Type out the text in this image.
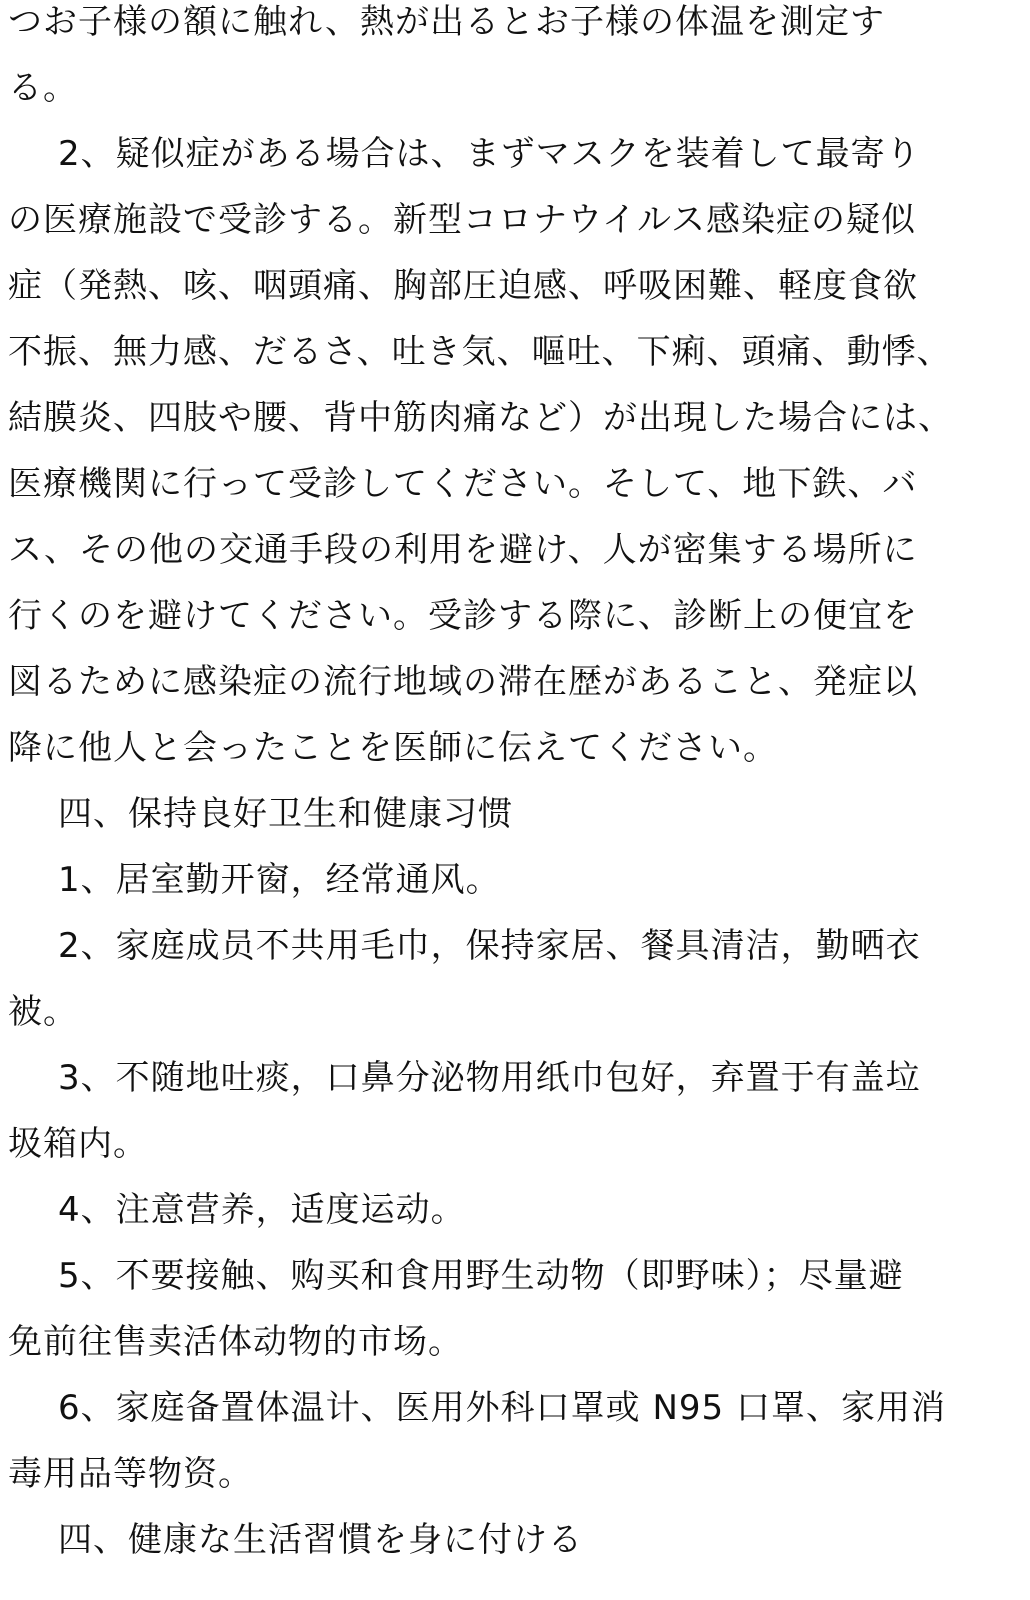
つお子様の額に触れ、熱が出るとお子様の体温を測定す
る。
2、疑似症がある場合は、まずマスクを装着して最寄り
の医療施設で受診する。新型コロナウイルス感染症の疑似
症（発熱、咳、咽頭痛、胸部圧迫感、呼吸困難、軽度食欲
不振、無力感、だるさ、吐き気、嘔吐、下痢、頭痛、動悸、
結膜炎、四肢や腰、背中筋肉痛など）が出現した場合には、
医療機関に行って受診してください。そして、地下鉄、バ
ス、その他の交通手段の利用を避け、人が密集する場所に
行くのを避けてください。受診する際に、診断上の便宜を
図るために感染症の流行地域の滞在歴があること、発症以
降に他人と会ったことを医師に伝えてください。
四、保持良好卫生和健康习惯
1、居室勤开窗，经常通风。
2、家庭成员不共用毛巾，保持家居、餐具清洁，勤晒衣
被。
3、不随地吐痰，口鼻分泌物用纸巾包好，弃置于有盖垃
圾箱内。
4、注意营养，适度运动。
5、不要接触、购买和食用野生动物（即野味）；尽量避
免前往售卖活体动物的市场。
6、家庭备置体温计、医用外科口罩或 N95 口罩、家用消
毒用品等物资。
四、健康な生活習慣を身に付ける
